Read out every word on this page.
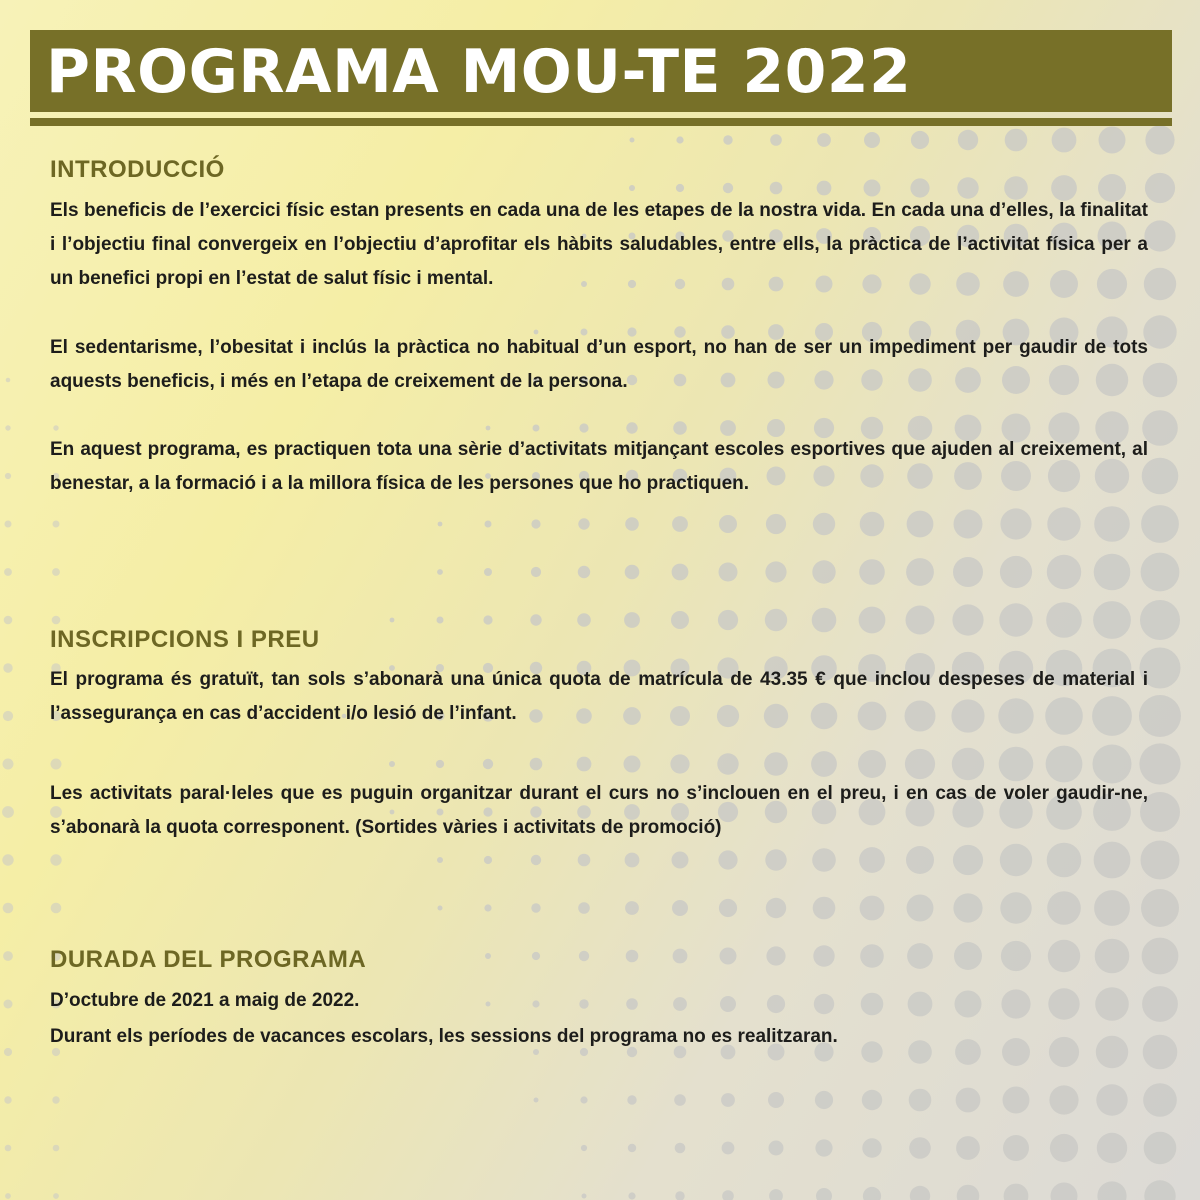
PROGRAMA MOU-TE 2022
INTRODUCCIÓ

Els beneficis de l’exercici físic estan presents en cada una de les etapes de la nostra vida. En cada una d’elles, la finalitat i l’objectiu final convergeix en l’objectiu d’aprofitar els hàbits saludables, entre ells, la pràctica de l’activitat física per a un benefici propi en l’estat de salut físic i mental.

El sedentarisme, l’obesitat i inclús la pràctica no habitual d’un esport, no han de ser un impediment per gaudir de tots aquests beneficis, i més en l’etapa de creixement de la persona.

En aquest programa, es practiquen tota una sèrie d’activitats mitjançant escoles esportives que ajuden al creixement, al benestar, a la formació i a la millora física de les persones que ho practiquen.

INSCRIPCIONS I PREU

El programa és gratuït, tan sols s’abonarà una única quota de matrícula de 43.35 € que inclou despeses de material i l’assegurança en cas d’accident i/o lesió de l’infant.

Les activitats paral·leles que es puguin organitzar durant el curs no s’inclouen en el preu, i en cas de voler gaudir-ne, s’abonarà la quota corresponent. (Sortides vàries i activitats de promoció)

DURADA DEL PROGRAMA

D’octubre de 2021 a maig de 2022.

Durant els períodes de vacances escolars, les sessions del programa no es realitzaran.
